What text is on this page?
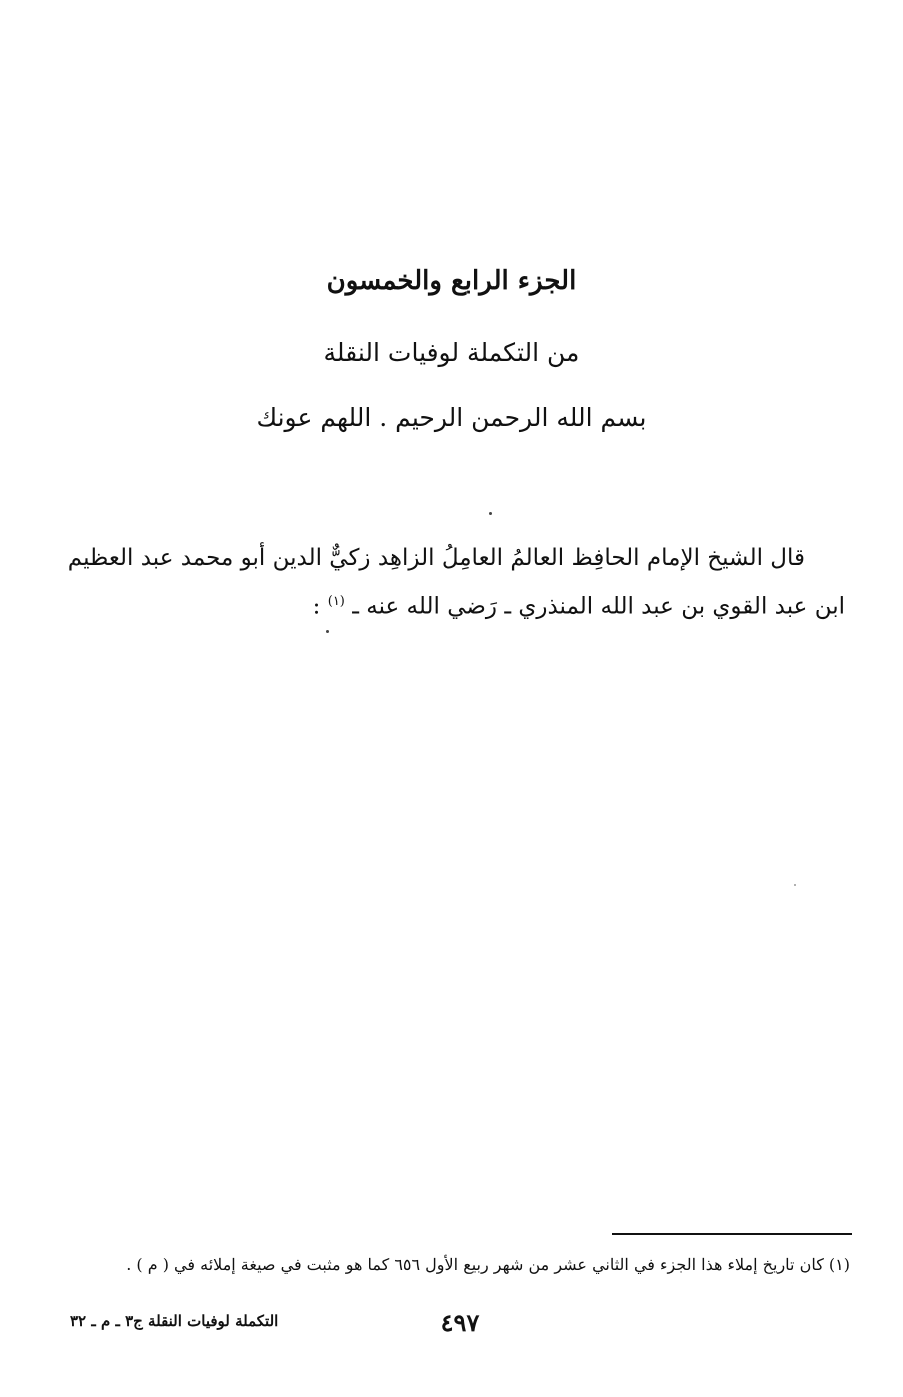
الجزء الرابع والخمسون
من التكملة لوفيات النقلة
بسم الله الرحمن الرحيم . اللهم عونك
قال الشيخ الإمام الحافِظ العالمُ العامِلُ الزاهِد زكيٌّ الدين أبو محمد عبد العظيم
ابن عبد القوي بن عبد الله المنذري ـ رَضي الله عنه ـ $^{(١)}$ :
(١) كان تاريخ إملاء هذا الجزء في الثاني عشر من شهر ربيع الأول ٦٥٦ كما هو مثبت في صيغة إملائه في ( م ) .
التكملة لوفيات النقلة ج٣ ـ م ـ ٣٢	٤٩٧
